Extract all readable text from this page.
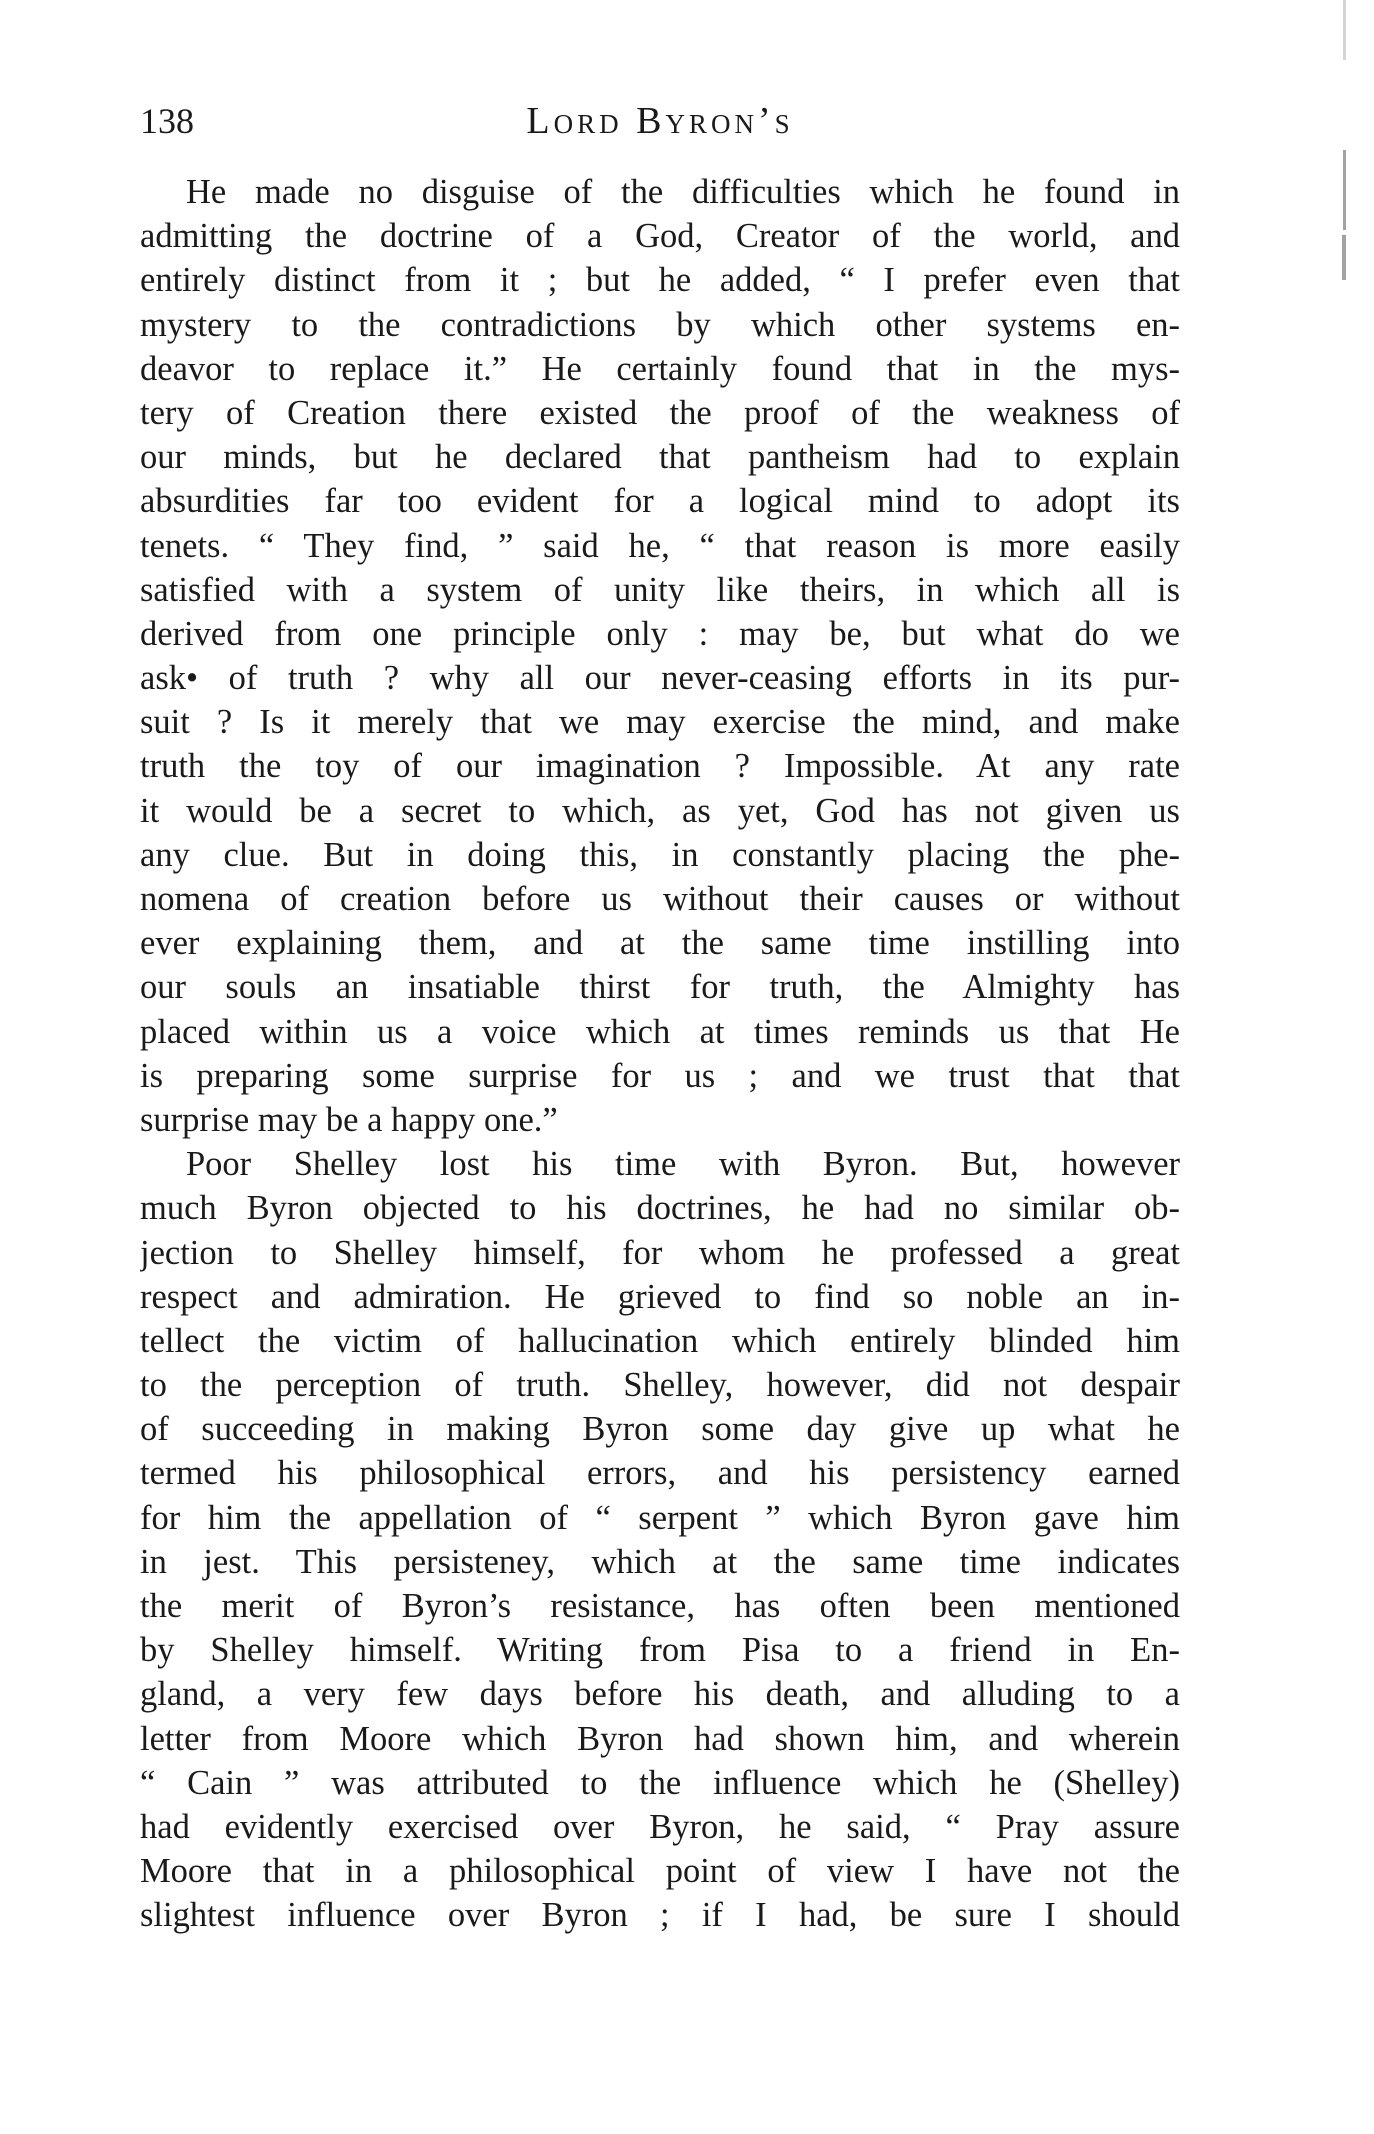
138	Lord Byron’s
He made no disguise of the difficulties which he found in
admitting the doctrine of a God, Creator of the world, and
entirely distinct from it ; but he added, “ I prefer even that
mystery to the contradictions by which other systems en-
deavor to replace it.” He certainly found that in the mys-
tery of Creation there existed the proof of the weakness of
our minds, but he declared that pantheism had to explain
absurdities far too evident for a logical mind to adopt its
tenets. “ They find, ” said he, “ that reason is more easily
satisfied with a system of unity like theirs, in which all is
derived from one principle only : may be, but what do we
ask• of truth ? why all our never-ceasing efforts in its pur-
suit ? Is it merely that we may exercise the mind, and make
truth the toy of our imagination ? Impossible. At any rate
it would be a secret to which, as yet, God has not given us
any clue. But in doing this, in constantly placing the phe-
nomena of creation before us without their causes or without
ever explaining them, and at the same time instilling into
our souls an insatiable thirst for truth, the Almighty has
placed within us a voice which at times reminds us that He
is preparing some surprise for us ; and we trust that that
surprise may be a happy one.”
Poor Shelley lost his time with Byron. But, however
much Byron objected to his doctrines, he had no similar ob-
jection to Shelley himself, for whom he professed a great
respect and admiration. He grieved to find so noble an in-
tellect the victim of hallucination which entirely blinded him
to the perception of truth. Shelley, however, did not despair
of succeeding in making Byron some day give up what he
termed his philosophical errors, and his persistency earned
for him the appellation of “ serpent ” which Byron gave him
in jest. This persisteney, which at the same time indicates
the merit of Byron’s resistance, has often been mentioned
by Shelley himself. Writing from Pisa to a friend in En-
gland, a very few days before his death, and alluding to a
letter from Moore which Byron had shown him, and wherein
“ Cain ” was attributed to the influence which he (Shelley)
had evidently exercised over Byron, he said, “ Pray assure
Moore that in a philosophical point of view I have not the
slightest influence over Byron ; if I had, be sure I should
